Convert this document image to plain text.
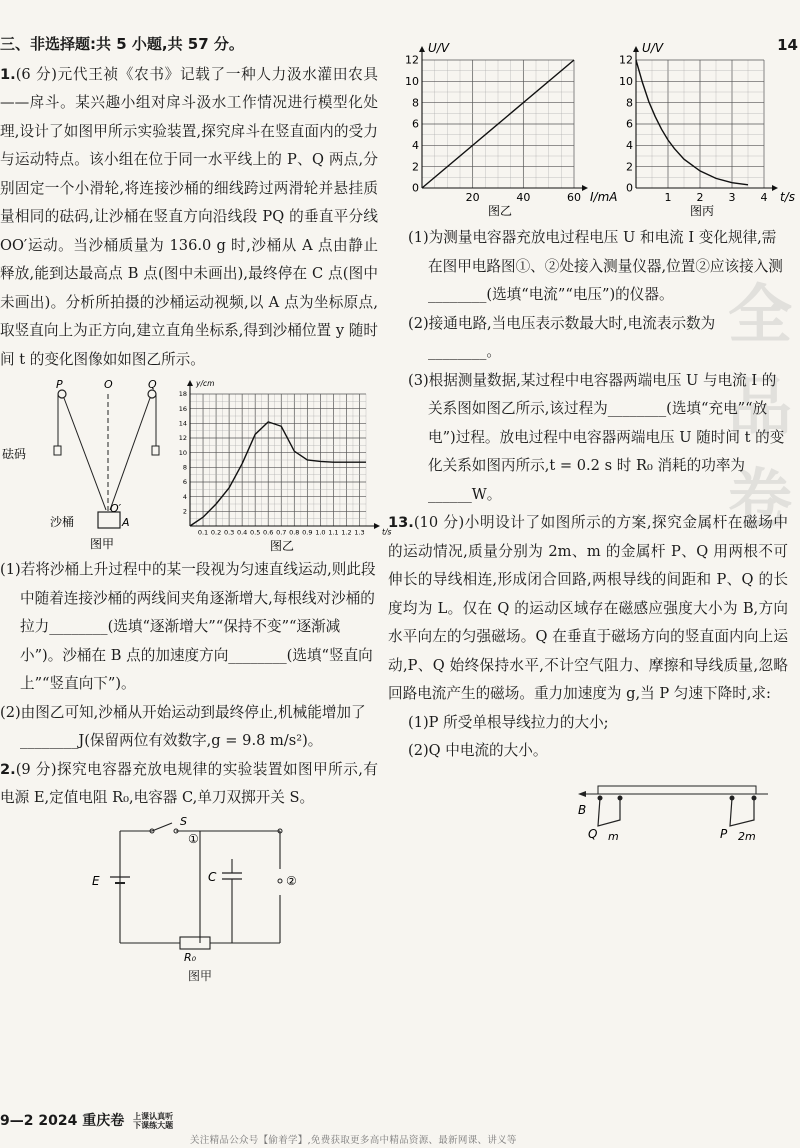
14
全品卷
20	40	60
0
2
4
6
8
10
12
I/mA
U/V
图乙
1 2 3 4
0
2
4
6
8
10
12
t/s
U/V
图丙
三、非选择题:共 5 小题,共 57 分。
1.(6 分)元代王祯《农书》记载了一种人力汲水灌田农具——戽斗。某兴趣小组对戽斗汲水工作情况进行模型化处理,设计了如图甲所示实验装置,探究戽斗在竖直面内的受力与运动特点。该小组在位于同一水平线上的 P、Q 两点,分别固定一个小滑轮,将连接沙桶的细线跨过两滑轮并悬挂质量相同的砝码,让沙桶在竖直方向沿线段 PQ 的垂直平分线 OO′运动。当沙桶质量为 136.0 g 时,沙桶从 A 点由静止释放,能到达最高点 B 点(图中未画出),最终停在 C 点(图中未画出)。分析所拍摄的沙桶运动视频,以 A 点为坐标原点,取竖直向上为正方向,建立直角坐标系,得到沙桶位置 y 随时间 t 的变化图像如如图乙所示。
P	O	Q
O′
砝码
沙桶	A
图甲
0.1 0.2 0.3 0.4 0.5 0.6 0.7 0.8 0.9 1.0 1.1 1.2 1.3
2
4
6
8
10
12
14
16
18
t/s
y/cm
图乙
(1)若将沙桶上升过程中的某一段视为匀速直线运动,则此段中随着连接沙桶的两线间夹角逐渐增大,每根线对沙桶的拉力________(选填“逐渐增大”“保持不变”“逐渐减小”)。沙桶在 B 点的加速度方向________(选填“竖直向上”“竖直向下”)。
(2)由图乙可知,沙桶从开始运动到最终停止,机械能增加了________J(保留两位有效数字,g = 9.8 m/s²)。
2.(9 分)探究电容器充放电规律的实验装置如图甲所示,有电源 E,定值电阻 R₀,电容器 C,单刀双掷开关 S。
S
E	C
R₀
①
②
图甲
(1)为测量电容器充放电过程电压 U 和电流 I 变化规律,需在图甲电路图①、②处接入测量仪器,位置②应该接入测________(选填“电流”“电压”)的仪器。
(2)接通电路,当电压表示数最大时,电流表示数为________。
(3)根据测量数据,某过程中电容器两端电压 U 与电流 I 的关系图如图乙所示,该过程为________(选填“充电”“放电”)过程。放电过程中电容器两端电压 U 随时间 t 的变化关系如图丙所示,t = 0.2 s 时 R₀ 消耗的功率为______W。
13.(10 分)小明设计了如图所示的方案,探究金属杆在磁场中的运动情况,质量分别为 2m、m 的金属杆 P、Q 用两根不可伸长的导线相连,形成闭合回路,两根导线的间距和 P、Q 的长度均为 L。仅在 Q 的运动区域存在磁感应强度大小为 B,方向水平向左的匀强磁场。Q 在垂直于磁场方向的竖直面内向上运动,P、Q 始终保持水平,不计空气阻力、摩擦和导线质量,忽略回路电流产生的磁场。重力加速度为 g,当 P 匀速下降时,求:
(1)P 所受单根导线拉力的大小;
(2)Q 中电流的大小。
B
Q m	P 2m
9—2 2024 重庆卷 上课认真听
下课练大题
关注精品公众号【偷着学】,免费获取更多高中精品资源、最新网课、讲义等
